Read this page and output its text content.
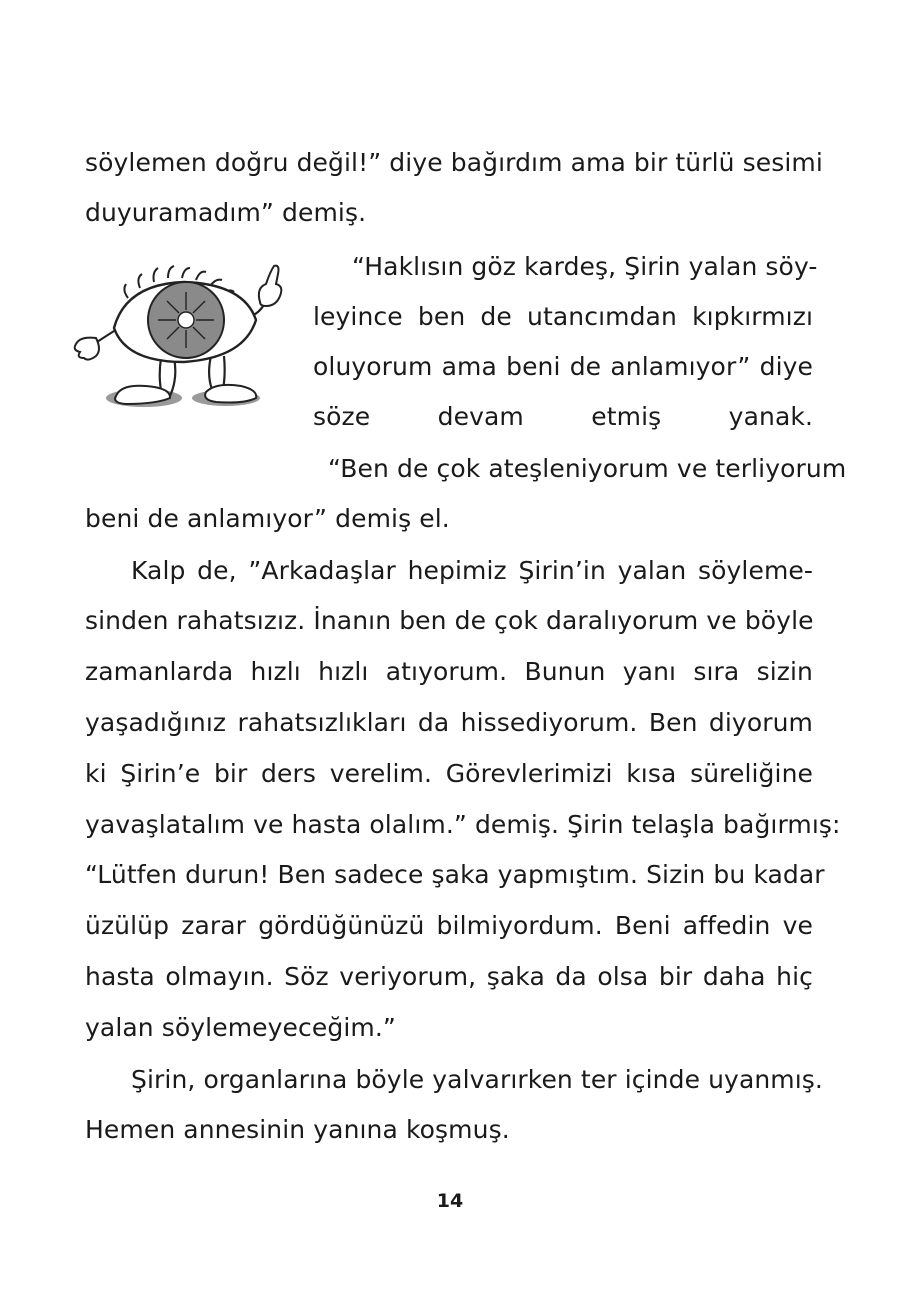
söylemen doğru değil!” diye bağırdım ama bir türlü sesimi
duyuramadım” demiş.
“Haklısın göz kardeş, Şirin yalan söy-
leyince ben de utancımdan kıpkırmızı
oluyorum ama beni de anlamıyor” diye
söze devam etmiş yanak.
“Ben de çok ateşleniyorum ve terliyorum
beni de anlamıyor” demiş el.
Kalp de, ”Arkadaşlar hepimiz Şirin’in yalan söyleme-
sinden rahatsızız. İnanın ben de çok daralıyorum ve böyle
zamanlarda hızlı hızlı atıyorum. Bunun yanı sıra sizin
yaşadığınız rahatsızlıkları da hissediyorum. Ben diyorum
ki Şirin’e bir ders verelim. Görevlerimizi kısa süreliğine
yavaşlatalım ve hasta olalım.” demiş. Şirin telaşla bağırmış:
“Lütfen durun! Ben sadece şaka yapmıştım. Sizin bu kadar
üzülüp zarar gördüğünüzü bilmiyordum. Beni affedin ve
hasta olmayın. Söz veriyorum, şaka da olsa bir daha hiç
yalan söylemeyeceğim.”
Şirin, organlarına böyle yalvarırken ter içinde uyanmış.
Hemen annesinin yanına koşmuş.
14
